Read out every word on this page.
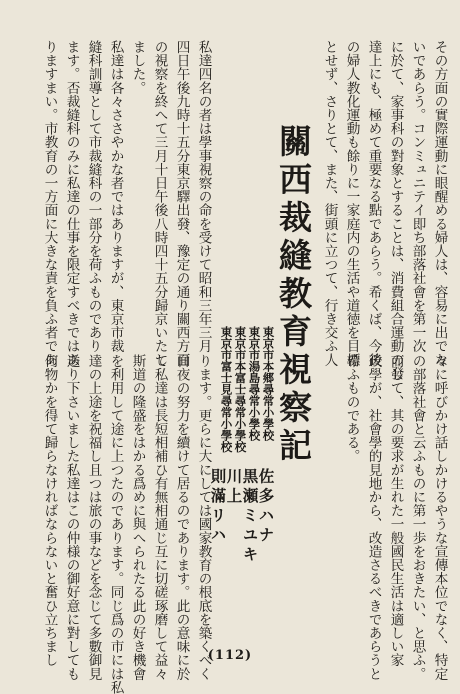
その方面の實際運動に眼醒める婦人は、容易に出でな
いであらう。コンミュニテイ即ち部落社會を第一次
に於て、家事科の對象とすることは、消費組合運動の發
達上にも、極めて重要なる點であらう。希くば、今後
の婦人教化運動も餘りに一家庭内の生活や道徳を目標
とせず、さりとて、また、街頭に立つて、行き交ふ人
關西裁縫教育視察記
私達四名の者は學事視察の命を受けて昭和三年三月
四日午後九時十五分東京驛出發、豫定の通り關西方面
の視察を終へて三月十日午後八時四十五分歸京いたし
ました。
私達は各々ささやかな者ではありますが、東京市裁
縫科訓導として市裁縫科の一部分を荷ふものであり
ます。否裁縫科のみに私達の仕事を限定すべきではあ
りますまい。市教育の一方面に大きな責を負ふ者であ
々に呼びかけ話しかけるやうな宣傳本位でなく、特定
の部落社會と云ふものに第一歩をおきたい、と思ふ。
而して、其の要求が生れた一般國民生活は適しい家
政學が、社會學的見地から、改造さるべきであらうと
希ふものである。
東京市本郷尋常小學校
東京市湯島尋常小學校
東京市本富士尋常小學校
東京市富士見尋常小學校
佐多ハナ
黒瀬ミユキ
川上
則滿リハ
ります。更らに大にしては國家教育の根底を築くべく
日夜の努力を續けて居るのであります。此の意味に於
て私達は長短相補ひ有無相通じ互に切磋琢磨して益々
斯道の隆盛をはかる爲めに與へられたる此の好き機會
を利用して途に上つたのであります。同じ爲の市には私
達の上途を祝福し且つは旅の事などを念じて多數御見
送り下さいました私達はこの仲様の御好意に對しても
何物かを得て歸らなければならないと奮ひ立ちまし	(112)
